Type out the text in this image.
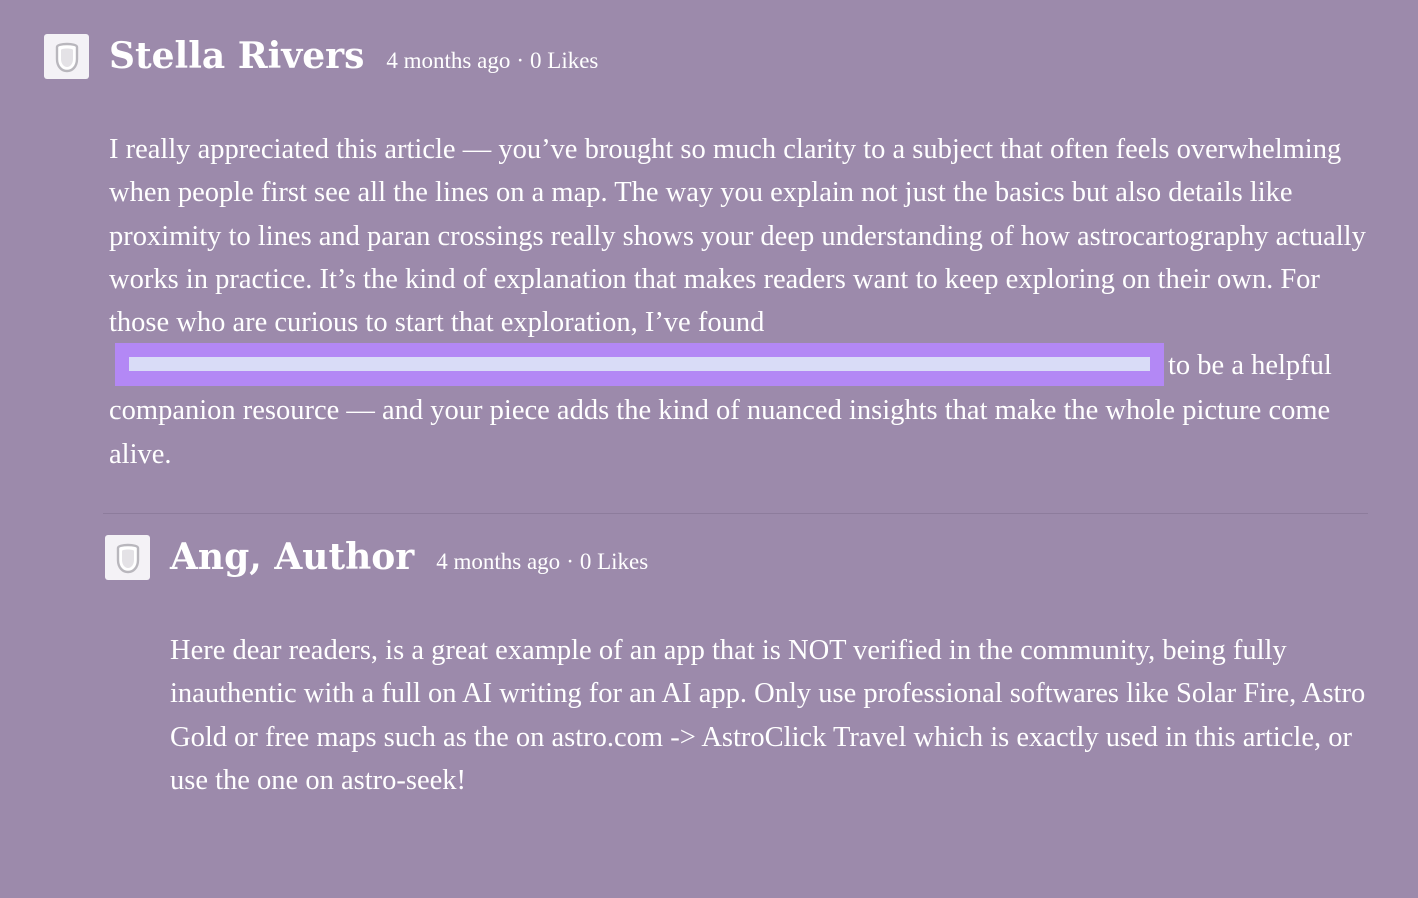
Stella Rivers 4 months ago · 0 Likes
I really appreciated this article — you’ve brought so much clarity to a subject that often feels overwhelming when people first see all the lines on a map. The way you explain not just the basics but also details like proximity to lines and paran crossings really shows your deep understanding of how astrocartography actually works in practice. It’s the kind of explanation that makes readers want to keep exploring on their own. For those who are curious to start that exploration, I’ve found
to be a helpful companion resource — and your piece adds the kind of nuanced insights that make the whole picture come alive.
Ang, Author 4 months ago · 0 Likes
Here dear readers, is a great example of an app that is NOT verified in the community, being fully inauthentic with a full on AI writing for an AI app. Only use professional softwares like Solar Fire, Astro Gold or free maps such as the on astro.com -> AstroClick Travel which is exactly used in this article, or use the one on astro-seek!
